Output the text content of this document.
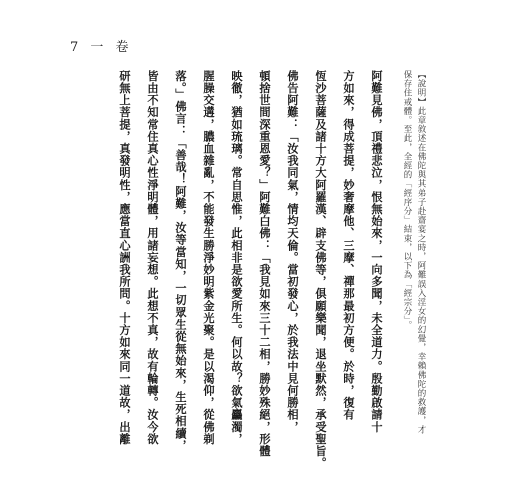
7 一 卷

【說明】此章敘述在佛陀與其弟子赴齋宴之時，阿難誤入淫女的幻覺，幸賴佛陀的救護，才

保存住戒體。至此，全經的「經序分」結束，以下為「經宗分」。

阿難見佛，頂禮悲泣，恨無始來，一向多聞，未全道力。殷勤啟請十

方如來，得成菩提，妙奢摩他、三摩、禪那最初方便。於時，復有

恆沙菩薩及諸十方大阿羅漢、辟支佛等，俱願樂聞，退坐默然，承受聖旨。

佛告阿難：「汝我同氣，情均天倫。當初發心，於我法中見何勝相，

頓捨世間深重恩愛？」阿難白佛：「我見如來三十二相，勝妙殊絕，形體

映徹，猶如琉璃。常自思惟，此相非是欲愛所生。何以故？欲氣麤濁，

腥臊交遘，膿血雜亂，不能發生勝淨妙明紫金光聚。是以渴仰，從佛剃

落。」佛言：「善哉！阿難，汝等當知，一切眾生從無始來，生死相續，

皆由不知常住真心性淨明體，用諸妄想。此想不真，故有輪轉。汝今欲

研無上菩提，真發明性，應當直心詶我所問。十方如來同一道故，出離
